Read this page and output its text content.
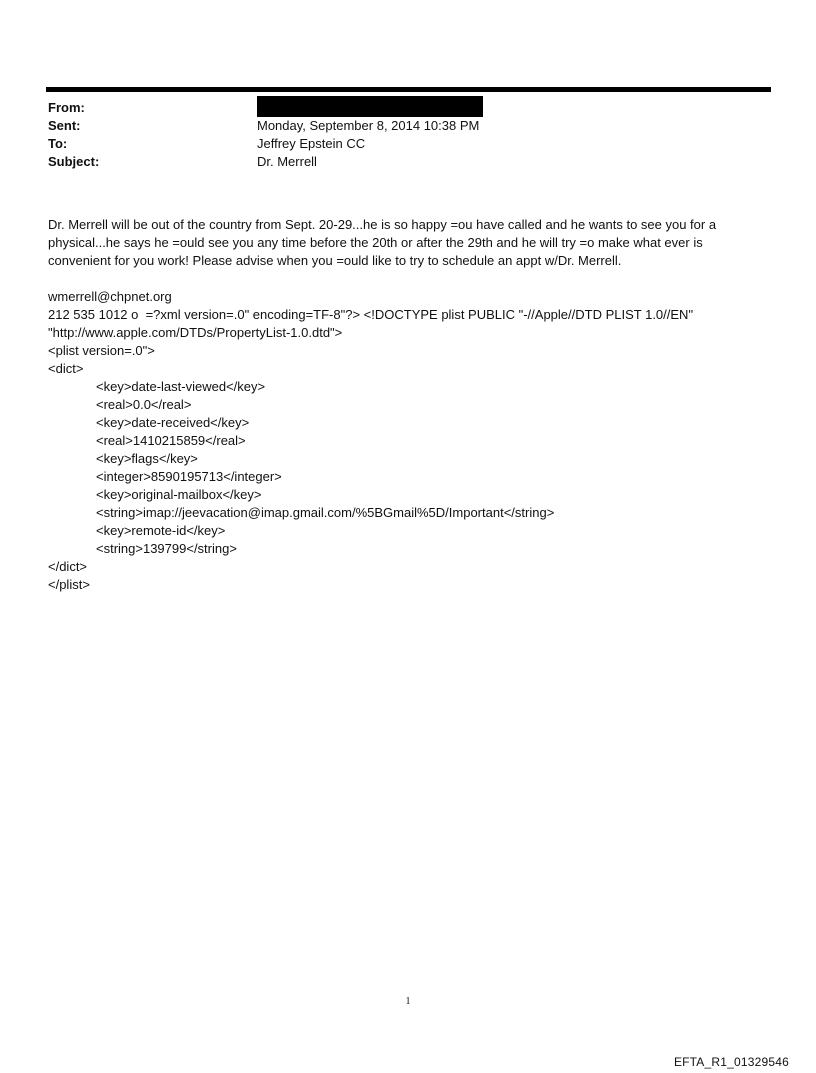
From:
Sent:	Monday, September 8, 2014 10:38 PM
To:	Jeffrey Epstein CC
Subject:	Dr. Merrell

Dr. Merrell will be out of the country from Sept. 20-29...he is so happy =ou have called and he wants to see you for a

physical...he says he =ould see you any time before the 20th or after the 29th and he will try =o make what ever is

convenient for you work! Please advise when you =ould like to try to schedule an appt w/Dr. Merrell.

wmerrell@chpnet.org

212 535 1012 o  =?xml version=.0" encoding=TF-8"?> <!DOCTYPE plist PUBLIC "-//Apple//DTD PLIST 1.0//EN"

"http://www.apple.com/DTDs/PropertyList-1.0.dtd">

<plist version=.0">

<dict>

<key>date-last-viewed</key>

<real>0.0</real>

<key>date-received</key>

<real>1410215859</real>

<key>flags</key>

<integer>8590195713</integer>

<key>original-mailbox</key>

<string>imap://jeevacation@imap.gmail.com/%5BGmail%5D/Important</string>

<key>remote-id</key>

<string>139799</string>

</dict>

</plist>

1
EFTA_R1_01329546
